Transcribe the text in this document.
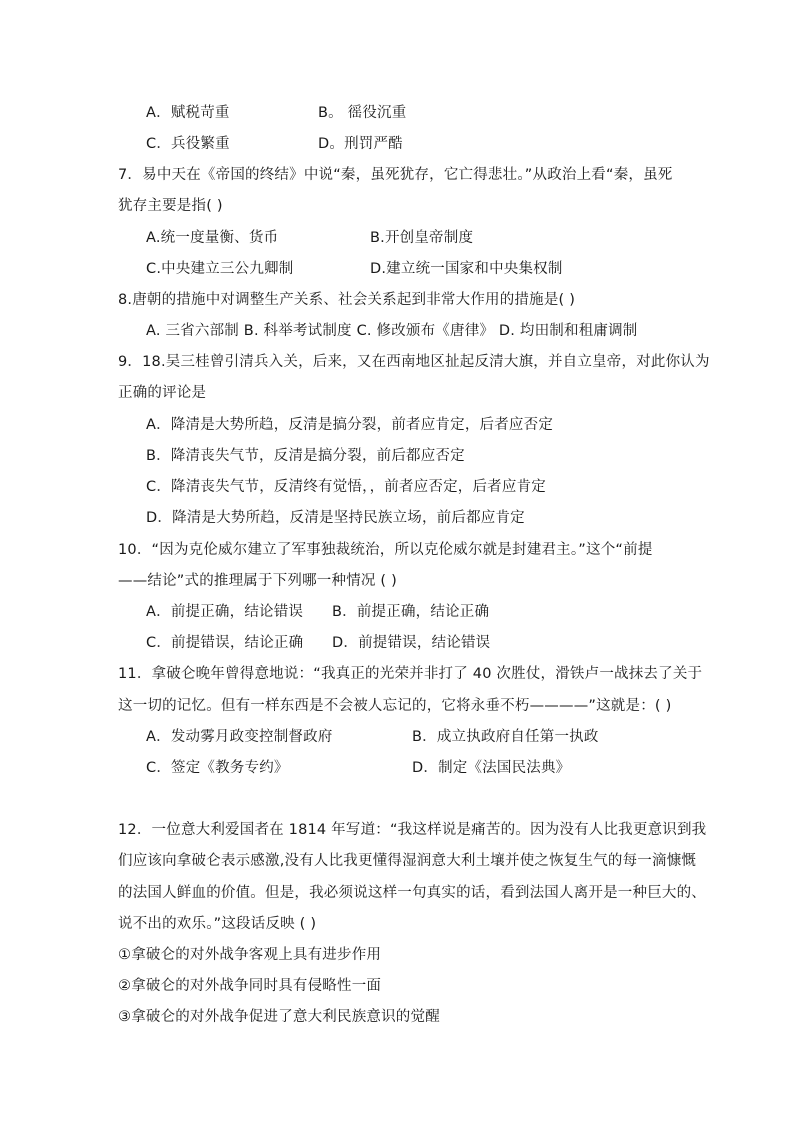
A．赋税苛重	B。 徭役沉重
C．兵役繁重	D。刑罚严酷
7．易中天在《帝国的终结》中说“秦，虽死犹存，它亡得悲壮。”从政治上看“秦，虽死
犹存主要是指( )
A.统一度量衡、货币	B.开创皇帝制度
C.中央建立三公九卿制	D.建立统一国家和中央集权制
8.唐朝的措施中对调整生产关系、社会关系起到非常大作用的措施是( )
A. 三省六部制 B. 科举考试制度 C. 修改颁布《唐律》 D. 均田制和租庸调制
9．18.吴三桂曾引清兵入关，后来，又在西南地区扯起反清大旗，并自立皇帝，对此你认为
正确的评论是
A．降清是大势所趋，反清是搞分裂，前者应肯定，后者应否定
B．降清丧失气节，反清是搞分裂，前后都应否定
C．降清丧失气节，反清终有觉悟，，前者应否定，后者应肯定
D．降清是大势所趋，反清是坚持民族立场，前后都应肯定
10．“因为克伦威尔建立了军事独裁统治，所以克伦威尔就是封建君主。”这个“前提
——结论”式的推理属于下列哪一种情况 ( )
A．前提正确，结论错误 B．前提正确，结论正确
C．前提错误，结论正确 D．前提错误，结论错误
11．拿破仑晚年曾得意地说：“我真正的光荣并非打了 40 次胜仗，滑铁卢一战抹去了关于
这一切的记忆。但有一样东西是不会被人忘记的，它将永垂不朽————”这就是：( )
A．发动雾月政变控制督政府	B．成立执政府自任第一执政
C．签定《教务专约》	D．制定《法国民法典》
12．一位意大利爱国者在 1814 年写道：“我这样说是痛苦的。因为没有人比我更意识到我
们应该向拿破仑表示感激,没有人比我更懂得湿润意大利土壤并使之恢复生气的每一滴慷慨
的法国人鲜血的价值。但是，我必须说这样一句真实的话，看到法国人离开是一种巨大的、
说不出的欢乐。”这段话反映 ( )
①拿破仑的对外战争客观上具有进步作用
②拿破仑的对外战争同时具有侵略性一面
③拿破仑的对外战争促进了意大利民族意识的觉醒
